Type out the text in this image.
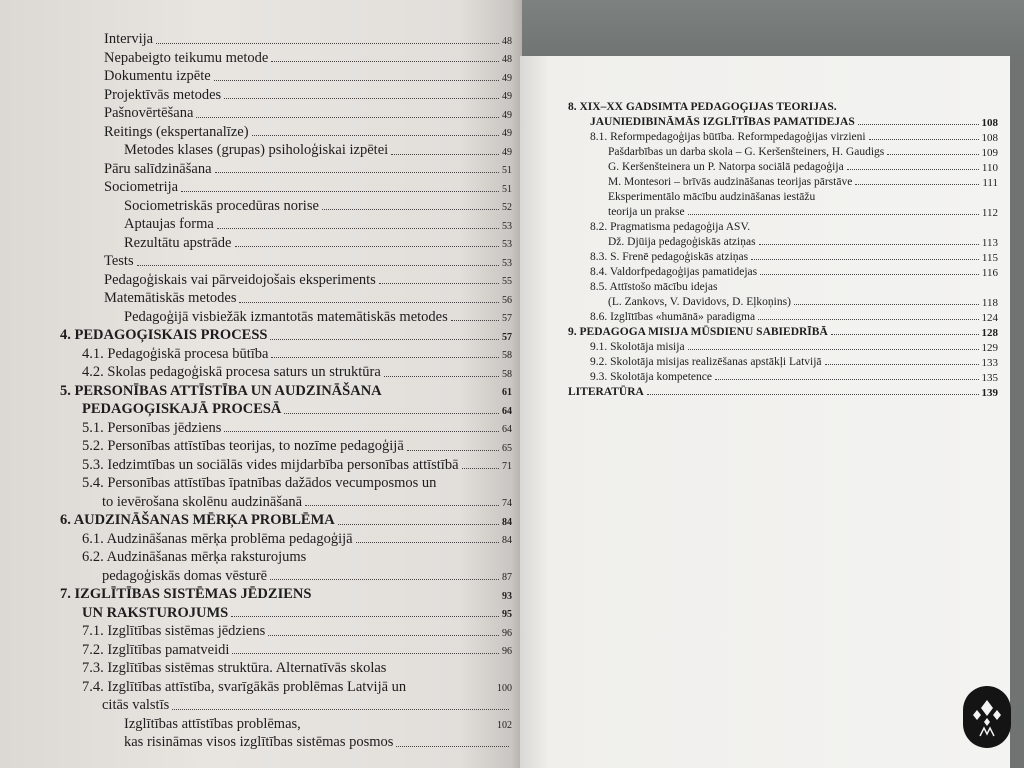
Intervija	48
Nepabeigto teikumu metode	48
Dokumentu izpēte	49
Projektīvās metodes	49
Pašnovērtēšana	49
Reitings (ekspertanalīze)	49
Metodes klases (grupas) psiholoģiskai izpētei	49
Pāru salīdzināšana	51
Sociometrija	51
Sociometriskās procedūras norise	52
Aptaujas forma	53
Rezultātu apstrāde	53
Tests	53
Pedagoģiskais vai pārveidojošais eksperiments	55
Matemātiskās metodes	56
Pedagoģijā visbiežāk izmantotās matemātiskās metodes	57
4. PEDAGOĢISKAIS PROCESS	57
4.1. Pedagoģiskā procesa būtība	58
4.2. Skolas pedagoģiskā procesa saturs un struktūra	58
5. PERSONĪBAS ATTĪSTĪBA UN AUDZINĀŠANA	61
PEDAGOĢISKAJĀ PROCESĀ	64
5.1. Personības jēdziens	64
5.2. Personības attīstības teorijas, to nozīme pedagoģijā	65
5.3. Iedzimtības un sociālās vides mijdarbība personības attīstībā	71
5.4. Personības attīstības īpatnības dažādos vecumposmos un
to ievērošana skolēnu audzināšanā	74
6. AUDZINĀŠANAS MĒRĶA PROBLĒMA	84
6.1. Audzināšanas mērķa problēma pedagoģijā	84
6.2. Audzināšanas mērķa raksturojums
pedagoģiskās domas vēsturē	87
7. IZGLĪTĪBAS SISTĒMAS JĒDZIENS	93
UN RAKSTUROJUMS	95
7.1. Izglītības sistēmas jēdziens	96
7.2. Izglītības pamatveidi	96
7.3. Izglītības sistēmas struktūra. Alternatīvās skolas
7.4. Izglītības attīstība, svarīgākās problēmas Latvijā un	100
citās valstīs
Izglītības attīstības problēmas,	102
kas risināmas visos izglītības sistēmas posmos
8. XIX–XX GADSIMTA PEDAGOĢIJAS TEORIJAS.
JAUNIEDIBINĀMĀS IZGLĪTĪBAS PAMATIDEJAS	108
8.1. Reformpedagoģijas būtība. Reformpedagoģijas virzieni	108
Pašdarbības un darba skola – G. Keršenšteiners, H. Gaudigs	109
G. Keršenšteinera un P. Natorpa sociālā pedagoģija	110
M. Montesori – brīvās audzināšanas teorijas pārstāve	111
Eksperimentālo mācību audzināšanas iestāžu
teorija un prakse	112
8.2. Pragmatisma pedagoģija ASV.
Dž. Djūija pedagoģiskās atziņas	113
8.3. S. Frenē pedagoģiskās atziņas	115
8.4. Valdorfpedagoģijas pamatidejas	116
8.5. Attīstošo mācību idejas
(L. Zankovs, V. Davidovs, D. Eļkoņins)	118
8.6. Izglītības «humānā» paradigma	124
9. PEDAGOGA MISIJA MŪSDIENU SABIEDRĪBĀ	128
9.1. Skolotāja misija	129
9.2. Skolotāja misijas realizēšanas apstākļi Latvijā	133
9.3. Skolotāja kompetence	135
LITERATŪRA	139
